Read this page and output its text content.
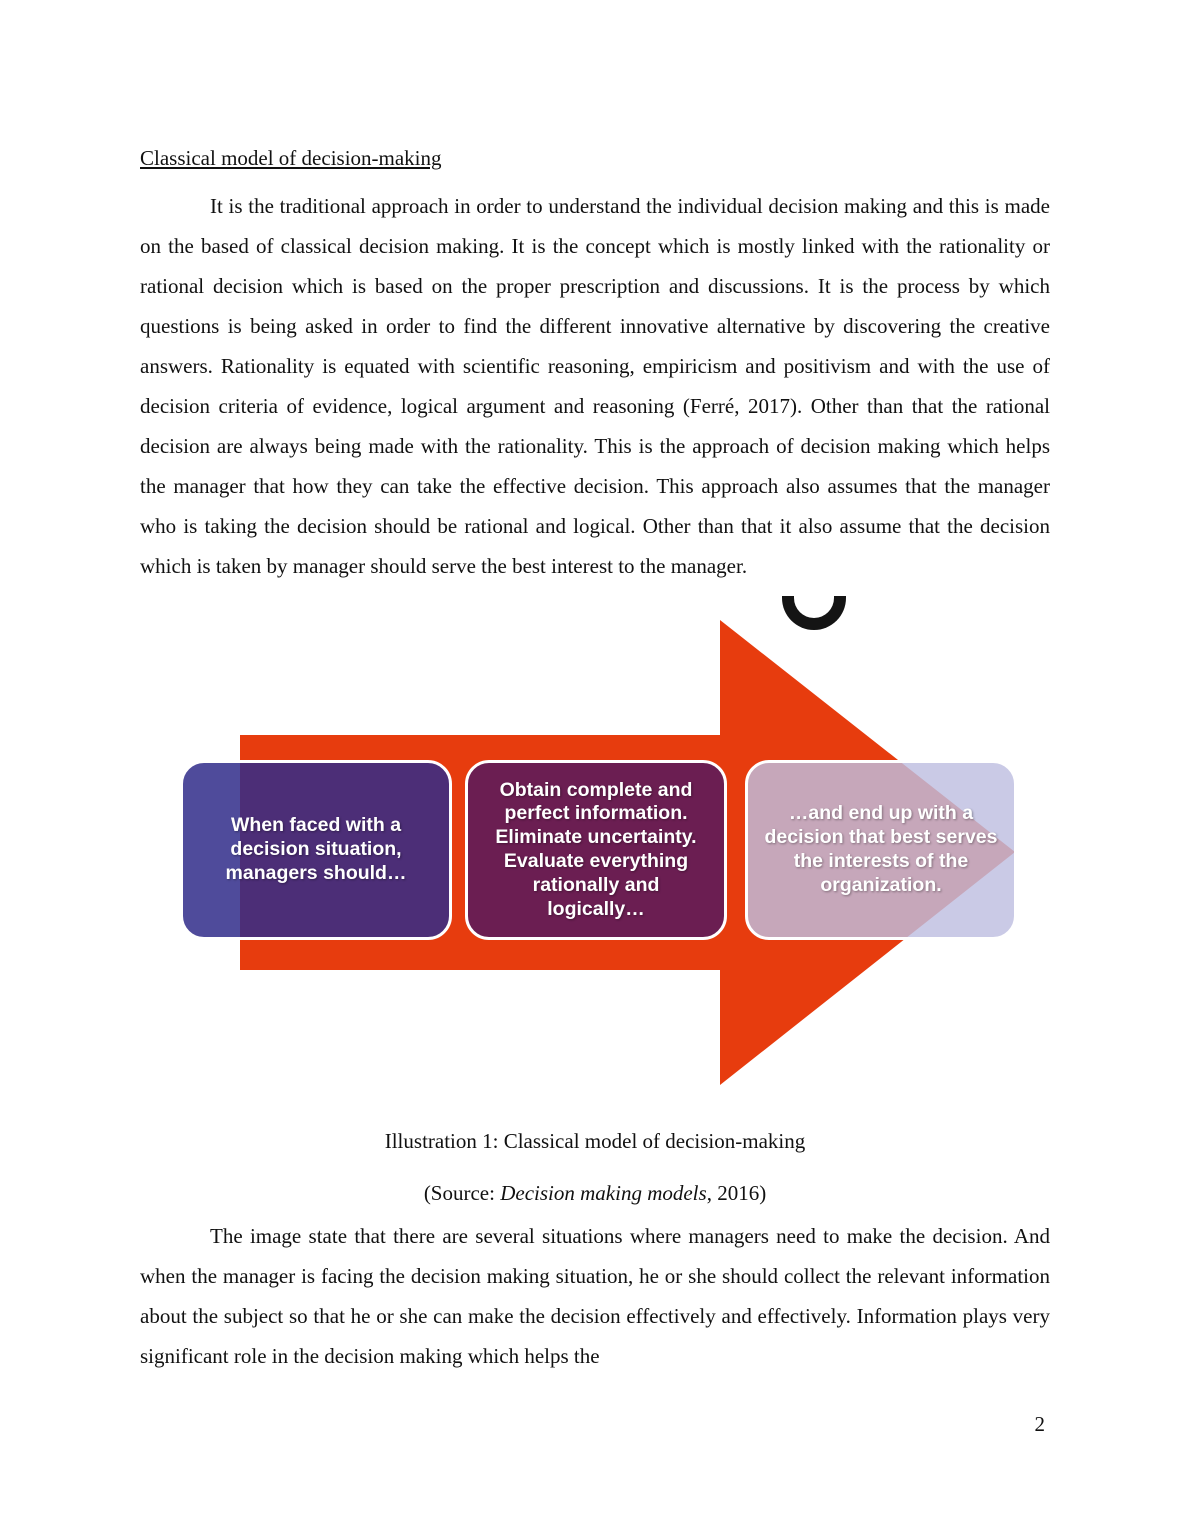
Classical model of decision-making

It is the traditional approach in order to understand the individual decision making and this is made on the based of classical decision making. It is the concept which is mostly linked with the rationality or rational decision which is based on the proper prescription and discussions. It is the process by which questions is being asked in order to find the different innovative alternative by discovering the creative answers. Rationality is equated with scientific reasoning, empiricism and positivism and with the use of decision criteria of evidence, logical argument and reasoning (Ferré, 2017). Other than that the rational decision are always being made with the rationality. This is the approach of decision making which helps the manager that how they can take the effective decision. This approach also assumes that the manager who is taking the decision should be rational and logical. Other than that it also assume that the decision which is taken by manager should serve the best interest to the manager.

When faced with a decision situation, managers should…
Obtain complete and perfect information. Eliminate uncertainty. Evaluate everything rationally and logically…
…and end up with a decision that best serves the interests of the organization.

Illustration 1: Classical model of decision-making

(Source: Decision making models, 2016)

The image state that there are several situations where managers need to make the decision. And when the manager is facing the decision making situation, he or she should collect the relevant information about the subject so that he or she can make the decision effectively and effectively. Information plays very significant role in the decision making which helps the

2
